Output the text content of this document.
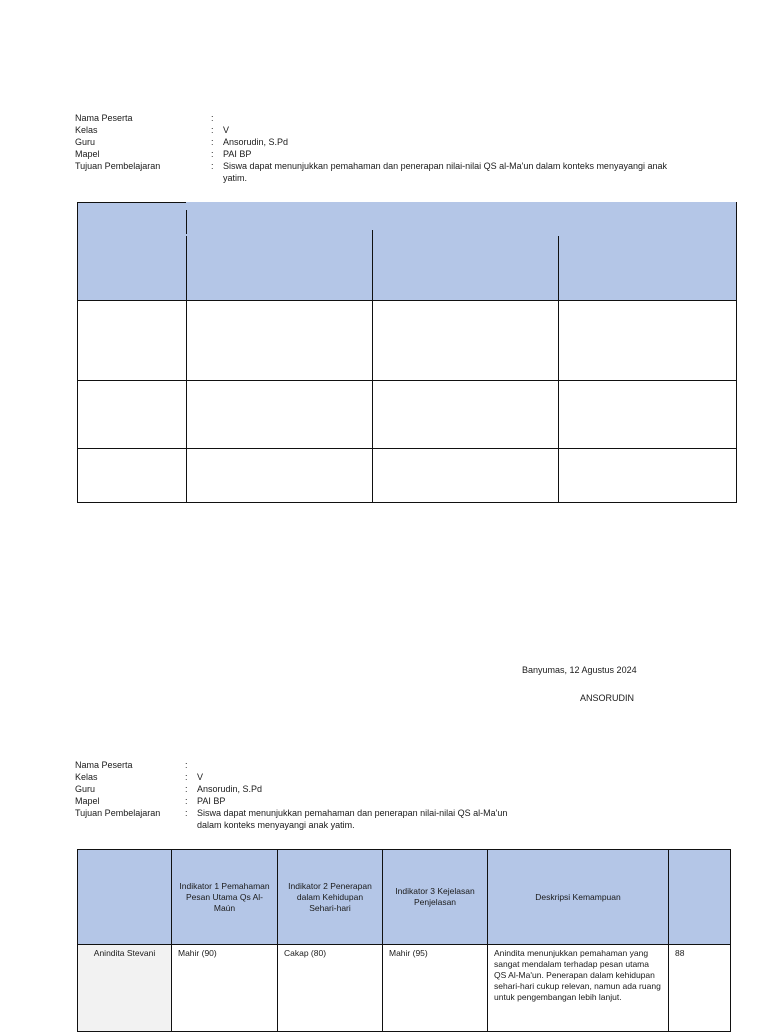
Nama Peserta	:
Kelas	:	V
Guru	:	Ansorudin, S.Pd
Mapel	:	PAI BP
Tujuan Pembelajaran	:	Siswa dapat menunjukkan pemahaman dan penerapan nilai-nilai QS al-Ma'un dalam konteks menyayangi anak yatim.
Banyumas, 12 Agustus 2024
ANSORUDIN
Nama Peserta	:
Kelas	:	V
Guru	:	Ansorudin, S.Pd
Mapel	:	PAI BP
Tujuan Pembelajaran	:	Siswa dapat menunjukkan pemahaman dan penerapan nilai-nilai QS al-Ma'un dalam konteks menyayangi anak yatim.
	Indikator 1 Pemahaman Pesan Utama Qs Al-Maún	Indikator 2 Penerapan dalam Kehidupan Sehari-hari	Indikator 3 Kejelasan Penjelasan	Deskripsi Kemampuan	
Anindita Stevani	Mahir (90)	Cakap (80)	Mahir (95)	Anindita menunjukkan pemahaman yang sangat mendalam terhadap pesan utama QS Al-Ma'un. Penerapan dalam kehidupan sehari-hari cukup relevan, namun ada ruang untuk pengembangan lebih lanjut.	88
